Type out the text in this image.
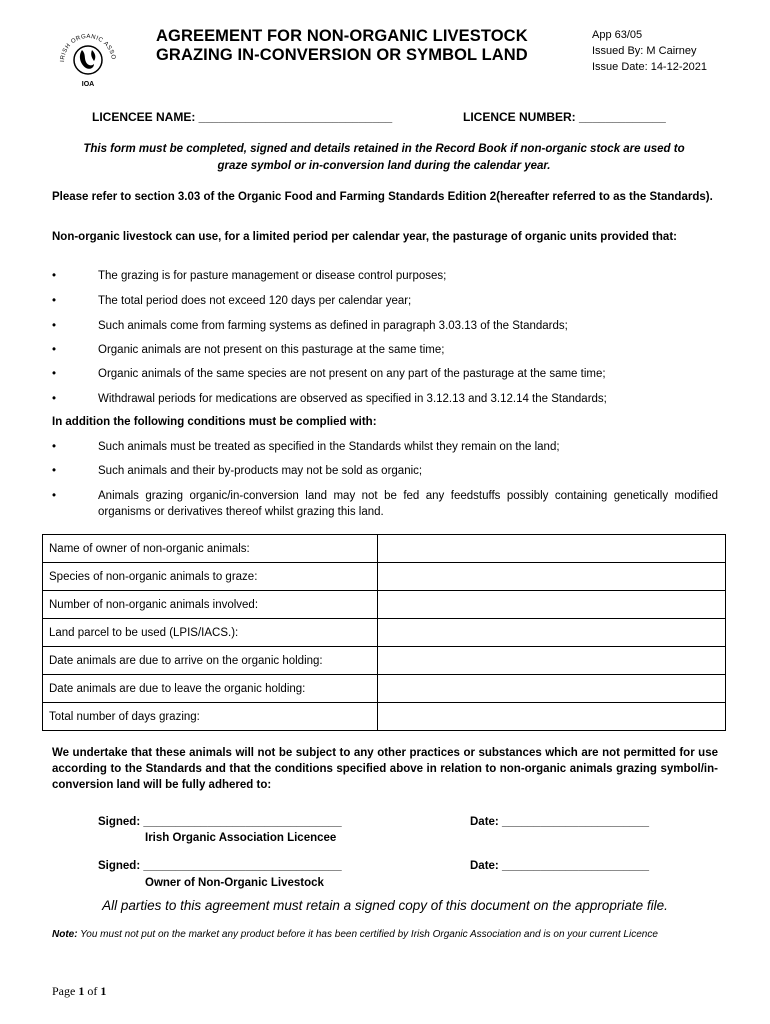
IRISH ORGANIC ASSO
IOA
AGREEMENT FOR NON-ORGANIC LIVESTOCK
GRAZING IN-CONVERSION OR SYMBOL LAND
App 63/05
Issued By: M Cairney
Issue Date: 14-12-2021
LICENCEE NAME: _____________________________	LICENCE NUMBER: _____________
This form must be completed, signed and details retained in the Record Book if non-organic stock are used to
graze symbol or in-conversion land during the calendar year.
Please refer to section 3.03 of the Organic Food and Farming Standards Edition 2(hereafter referred to as the Standards).
Non-organic livestock can use, for a limited period per calendar year, the pasturage of organic units provided that:
•	The grazing is for pasture management or disease control purposes;
•	The total period does not exceed 120 days per calendar year;
•	Such animals come from farming systems as defined in paragraph 3.03.13 of the Standards;
•	Organic animals are not present on this pasturage at the same time;
•	Organic animals of the same species are not present on any part of the pasturage at the same time;
•	Withdrawal periods for medications are observed as specified in 3.12.13 and 3.12.14 the Standards;
In addition the following conditions must be complied with:
•	Such animals must be treated as specified in the Standards whilst they remain on the land;
•	Such animals and their by-products may not be sold as organic;
•	Animals grazing organic/in-conversion land may not be fed any feedstuffs possibly containing genetically modified organisms or derivatives thereof whilst grazing this land.
Name of owner of non-organic animals:	
Species of non-organic animals to graze:	
Number of non-organic animals involved:	
Land parcel to be used (LPIS/IACS.):	
Date animals are due to arrive on the organic holding:	
Date animals are due to leave the organic holding:	
Total number of days grazing:	
We undertake that these animals will not be subject to any other practices or substances which are not permitted for use according to the Standards and that the conditions specified above in relation to non-organic animals grazing symbol/in-conversion land will be fully adhered to:
Signed: _______________________________
Irish Organic Association Licencee
Date: _______________________
Signed: _______________________________
Owner of Non-Organic Livestock
Date: _______________________
All parties to this agreement must retain a signed copy of this document on the appropriate file.
Note: You must not put on the market any product before it has been certified by Irish Organic Association and is on your current Licence
Page 1 of 1
